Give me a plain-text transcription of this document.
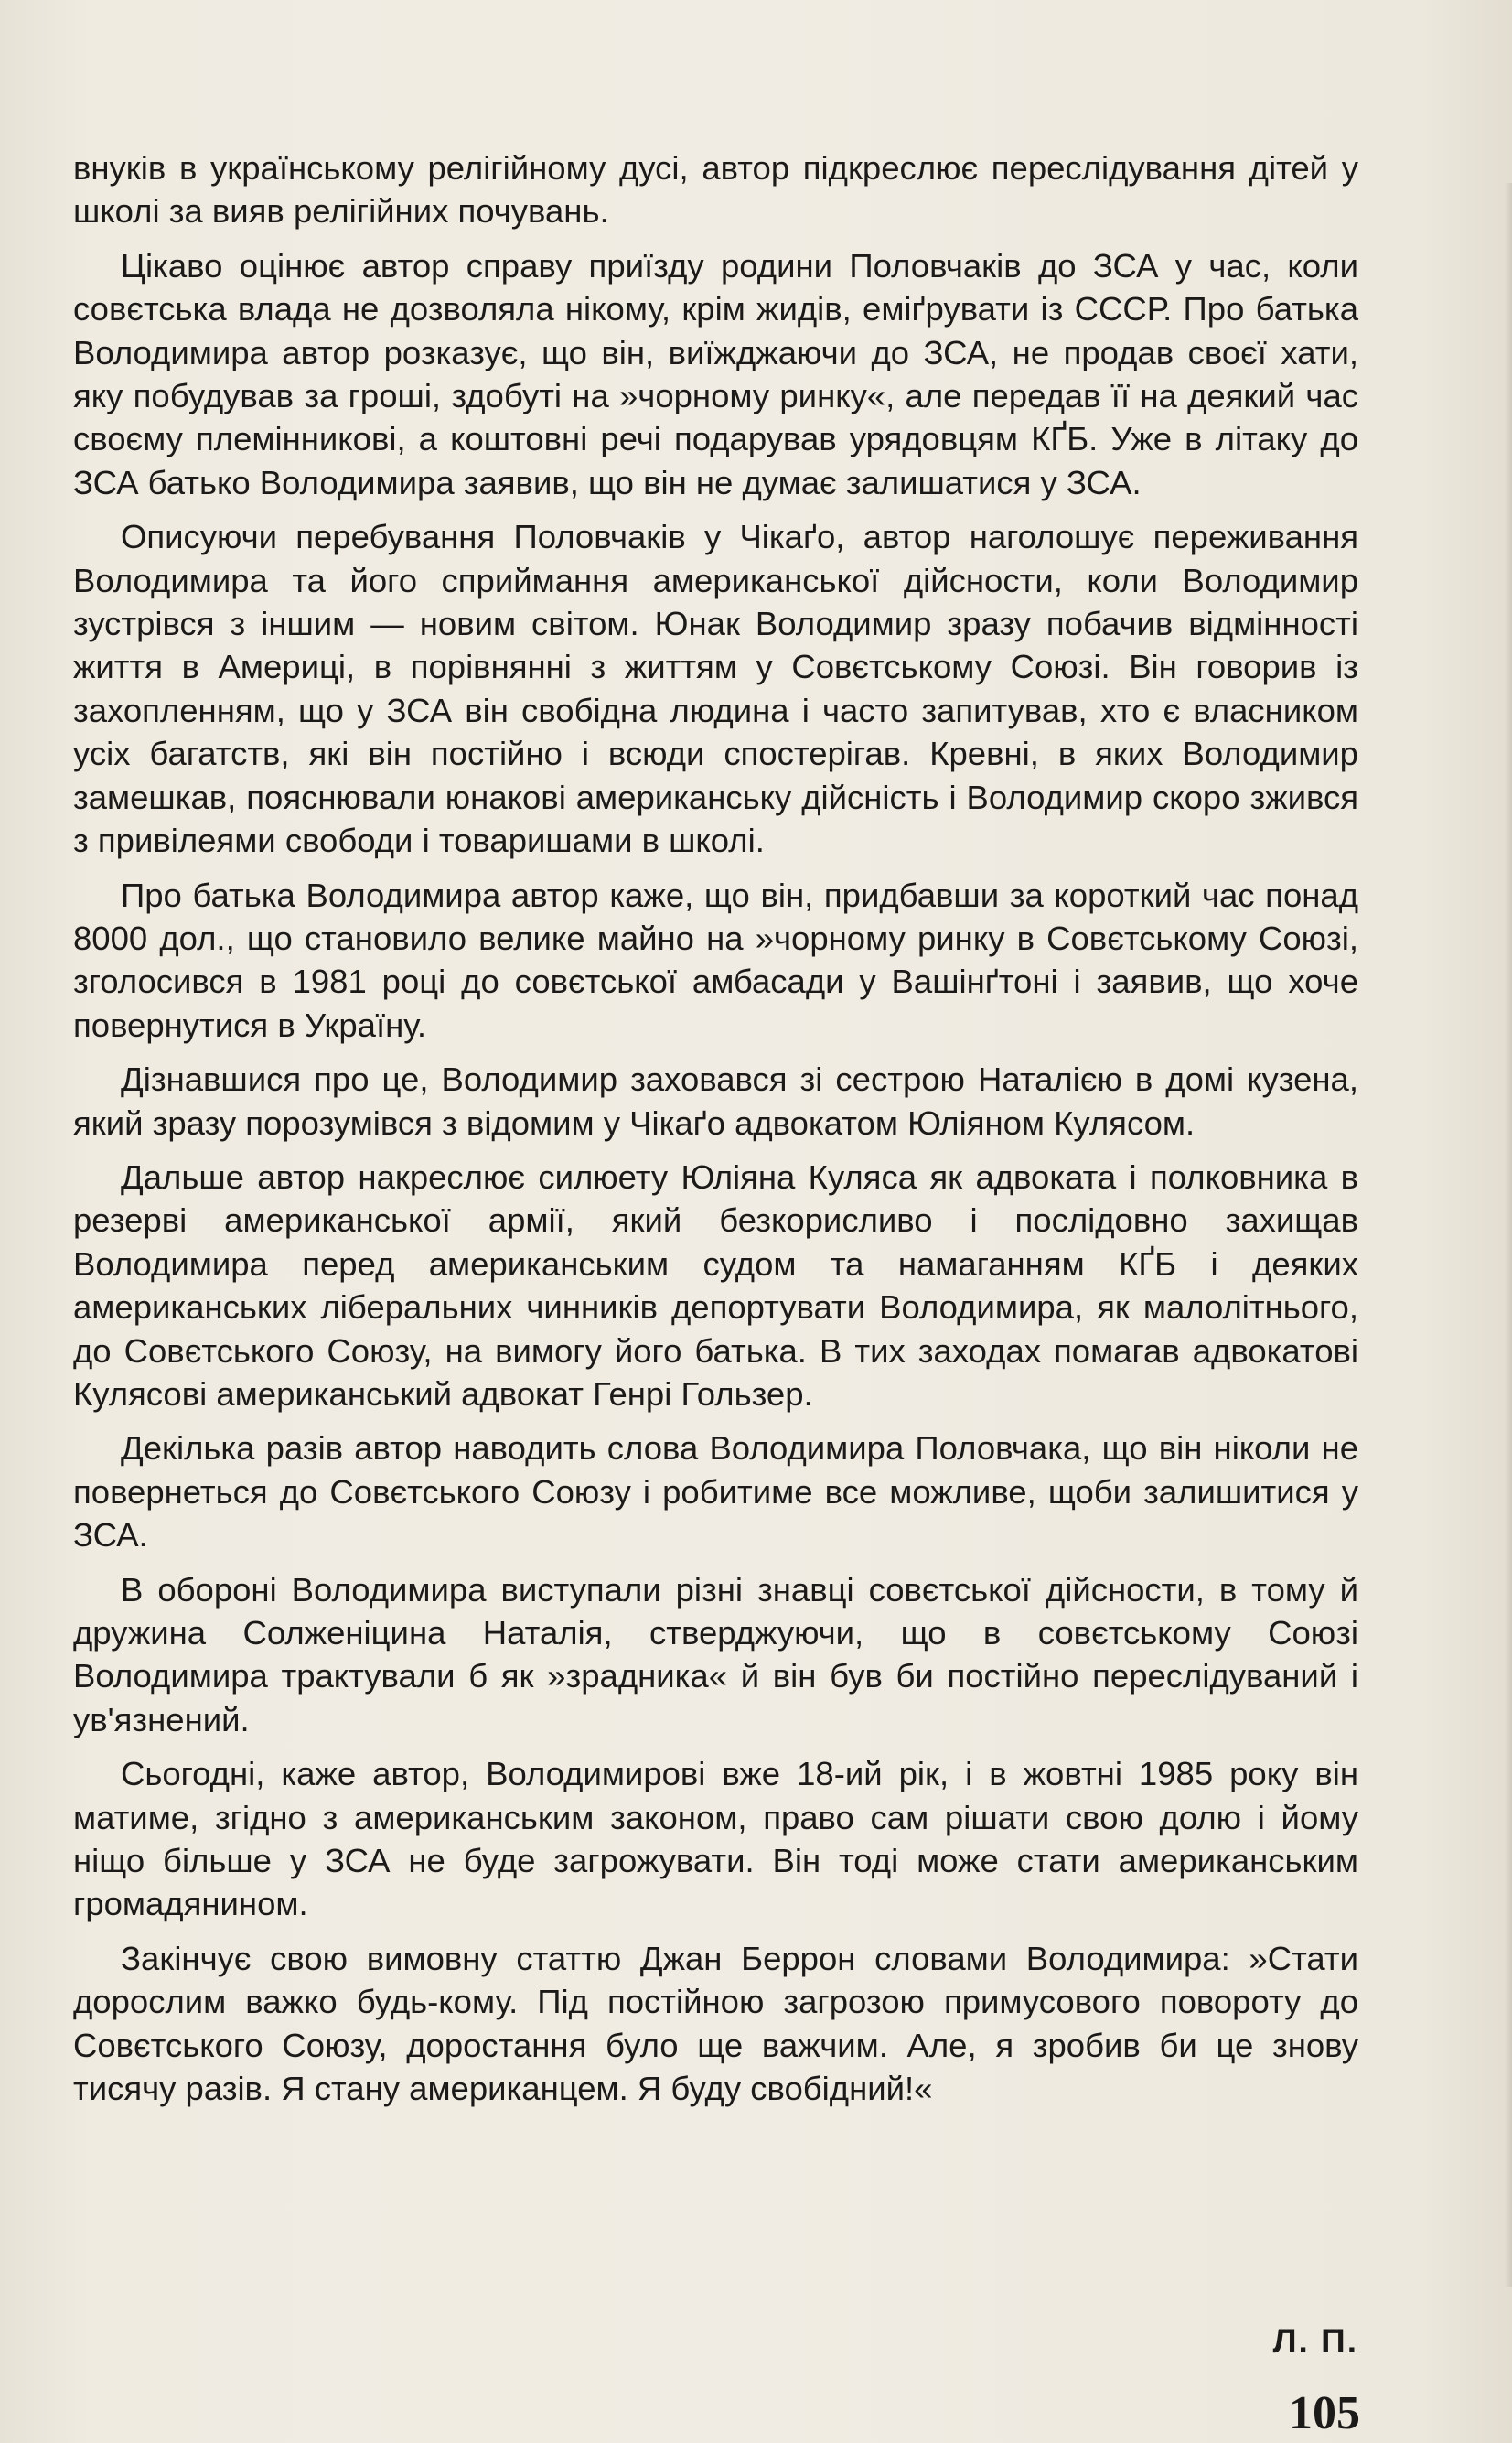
внуків в українському релігійному дусі, автор підкреслює переслідування дітей у школі за вияв релігійних почувань.

Цікаво оцінює автор справу приїзду родини Половчаків до ЗСА у час, коли совєтська влада не дозволяла нікому, крім жидів, еміґрувати із СССР. Про батька Володимира автор розказує, що він, виїжджаючи до ЗСА, не продав своєї хати, яку побудував за гроші, здобуті на »чорному ринку«, але передав її на деякий час своєму племінникові, а коштовні речі подарував урядовцям КҐБ. Уже в літаку до ЗСА батько Володимира заявив, що він не думає залишатися у ЗСА.

Описуючи перебування Половчаків у Чікаґо, автор наголошує переживання Володимира та його сприймання американської дійсности, коли Володимир зустрівся з іншим — новим світом. Юнак Володимир зразу побачив відмінності життя в Америці, в порівнянні з життям у Совєтському Союзі. Він говорив із захопленням, що у ЗСА він свобідна людина і часто запитував, хто є власником усіх багатств, які він постійно і всюди спостерігав. Кревні, в яких Володимир замешкав, пояснювали юнакові американську дійсність і Володимир скоро зжився з привілеями свободи і товаришами в школі.

Про батька Володимира автор каже, що він, придбавши за короткий час понад 8000 дол., що становило велике майно на »чорному ринку в Совєтському Союзі, зголосився в 1981 році до совєтської амбасади у Вашінґтоні і заявив, що хоче повернутися в Україну.

Дізнавшися про це, Володимир заховався зі сестрою Наталією в домі кузена, який зразу порозумівся з відомим у Чікаґо адвокатом Юліяном Кулясом.

Дальше автор накреслює силюету Юліяна Куляса як адвоката і полковника в резерві американської армії, який безкорисливо і послідовно захищав Володимира перед американським судом та намаганням КҐБ і деяких американських ліберальних чинників депортувати Володимира, як малолітнього, до Совєтського Союзу, на вимогу його батька. В тих заходах помагав адвокатові Кулясові американський адвокат Генрі Гользер.

Декілька разів автор наводить слова Володимира Половчака, що він ніколи не повернеться до Совєтського Союзу і робитиме все можливе, щоби залишитися у ЗСА.

В обороні Володимира виступали різні знавці совєтської дійсности, в тому й дружина Солженіцина Наталія, стверджуючи, що в совєтському Союзі Володимира трактували б як »зрадника« й він був би постійно переслідуваний і ув'язнений.

Сьогодні, каже автор, Володимирові вже 18-ий рік, і в жовтні 1985 року він матиме, згідно з американським законом, право сам рішати свою долю і йому ніщо більше у ЗСА не буде загрожувати. Він тоді може стати американським громадянином.

Закінчує свою вимовну статтю Джан Беррон словами Володимира: »Стати дорослим важко будь-кому. Під постійною загрозою примусового повороту до Совєтського Союзу, доростання було ще важчим. Але, я зробив би це знову тисячу разів. Я стану американцем. Я буду свобідний!«

Л. П.
105
